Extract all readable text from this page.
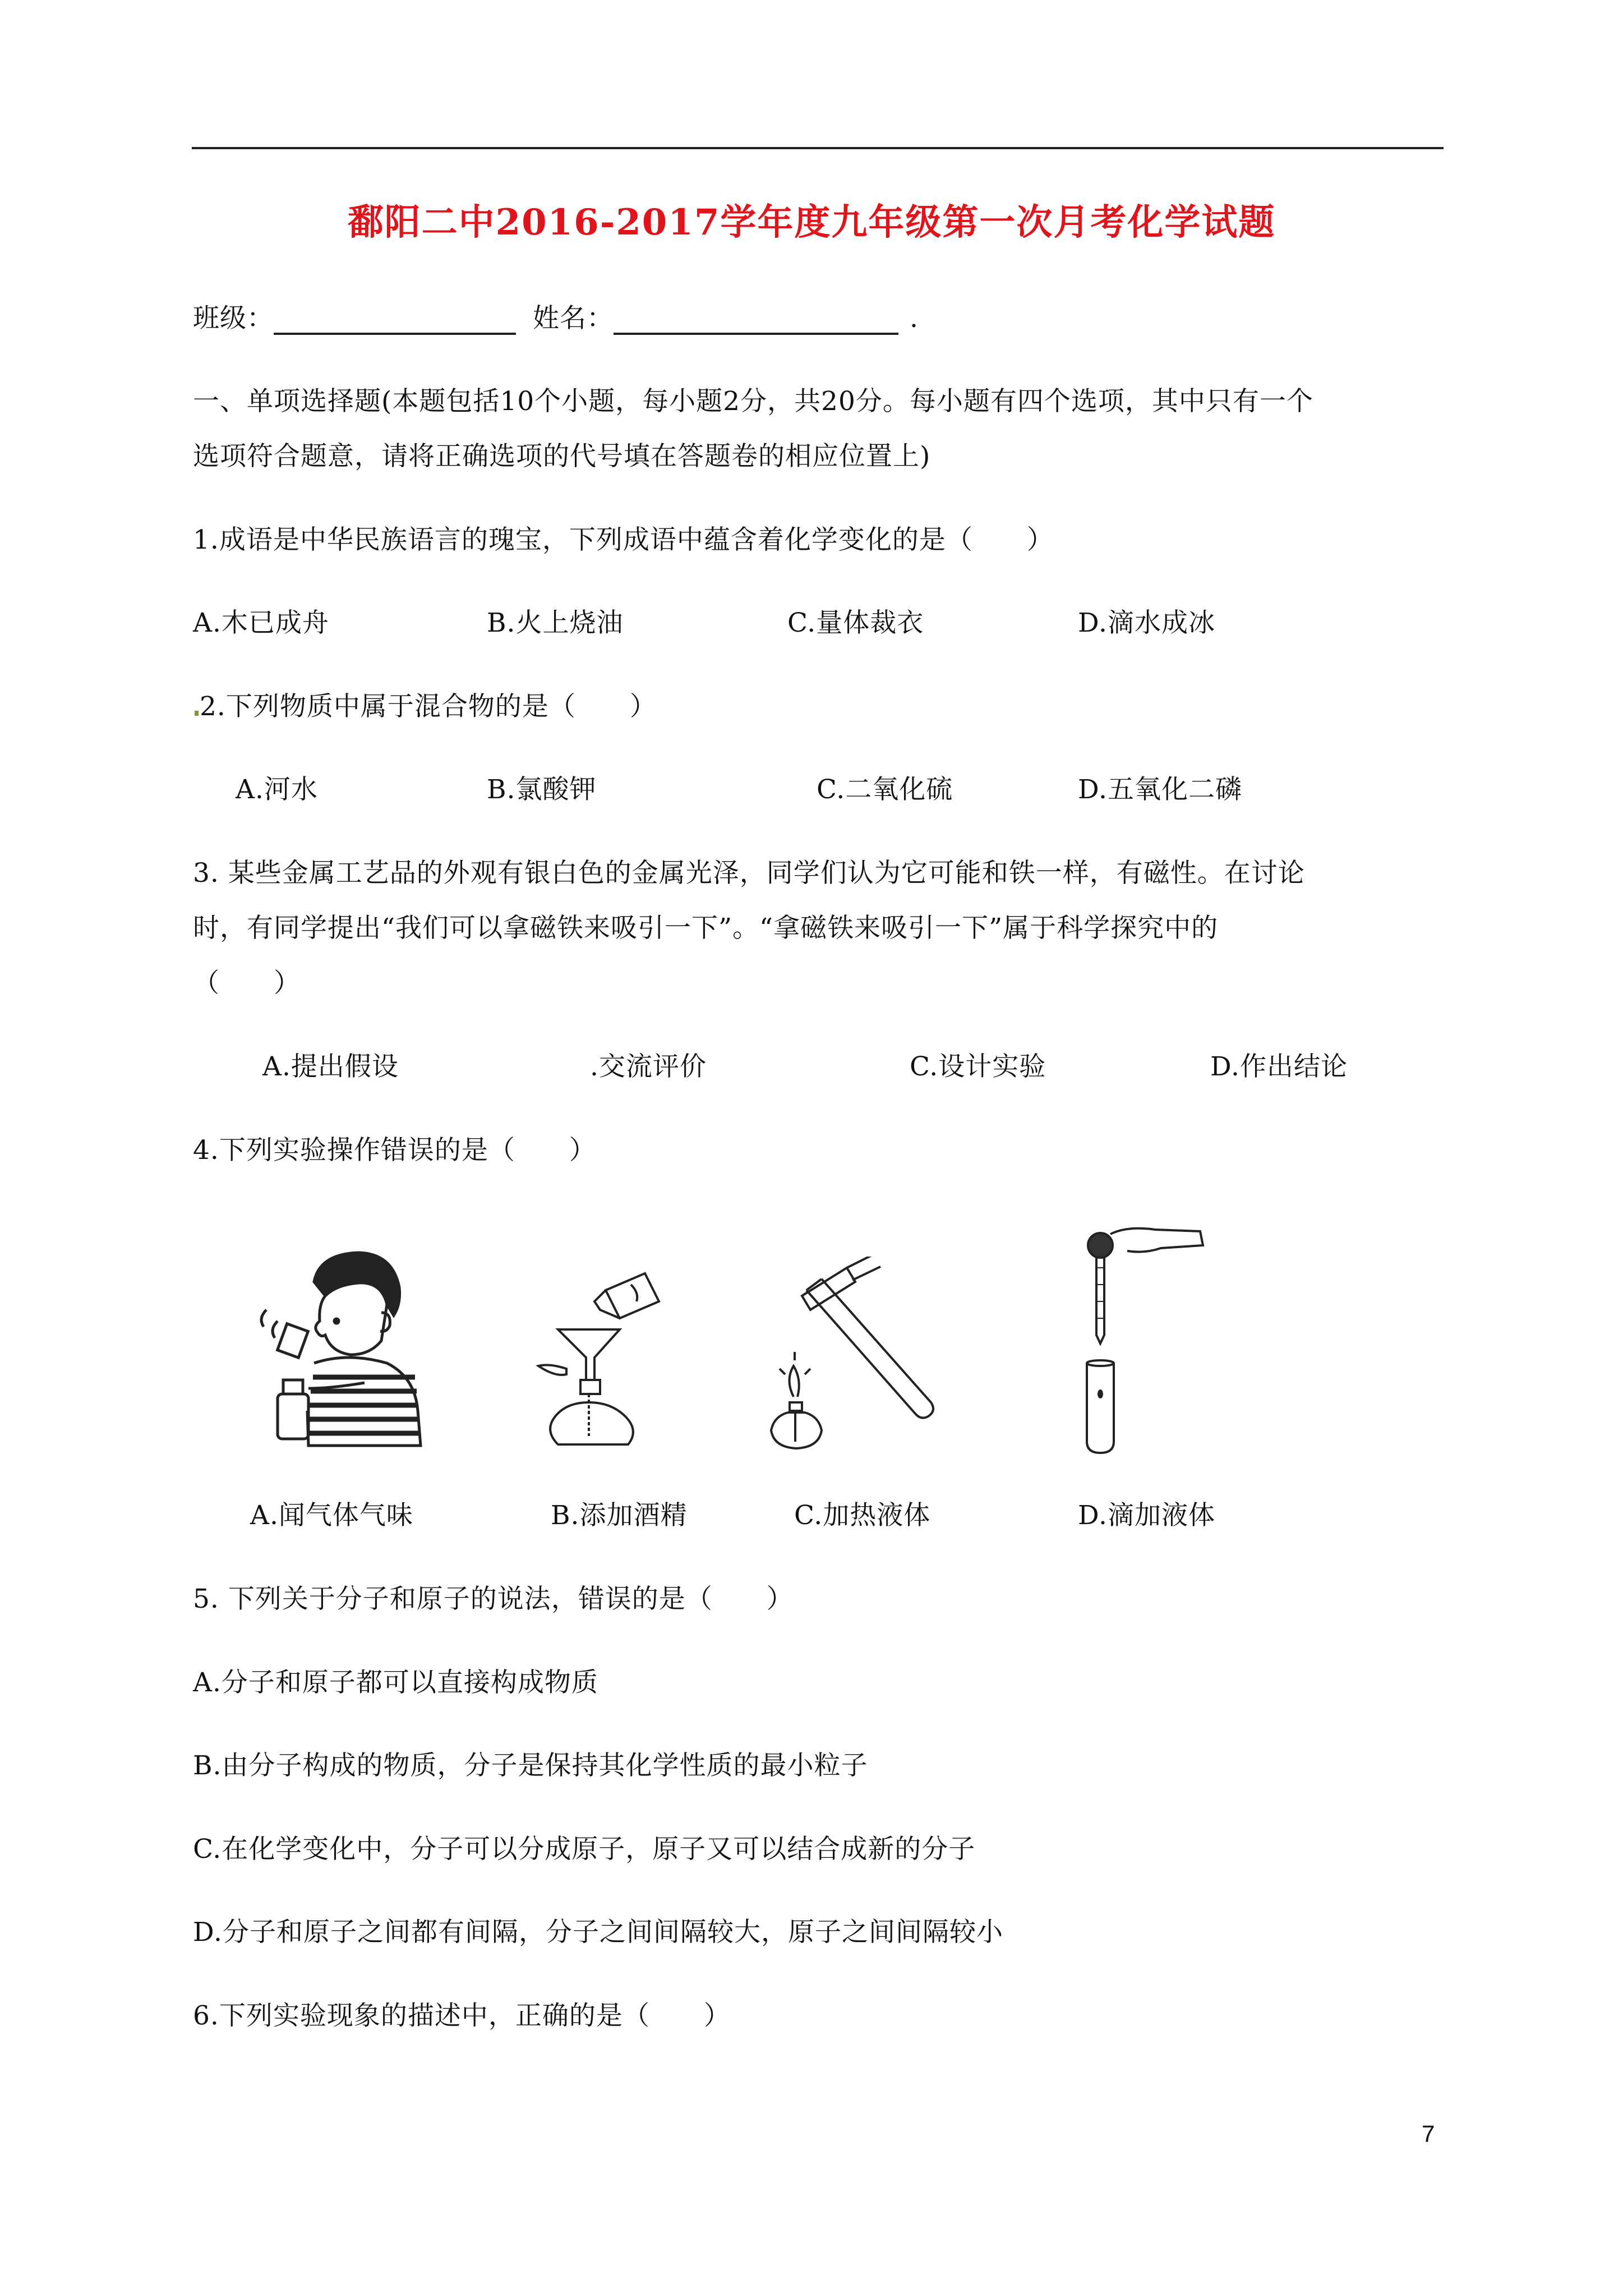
鄱阳二中2016-2017学年度九年级第一次月考化学试题
班级：	姓名：	.
一、单项选择题(本题包括10个小题，每小题2分，共20分。每小题有四个选项，其中只有一个
选项符合题意，请将正确选项的代号填在答题卷的相应位置上)
1.成语是中华民族语言的瑰宝，下列成语中蕴含着化学变化的是（　　）
A.木已成舟	B.火上烧油	C.量体裁衣	D.滴水成冰
2.下列物质中属于混合物的是（　　）
A.河水	B.氯酸钾	C.二氧化硫	D.五氧化二磷
3. 某些金属工艺品的外观有银白色的金属光泽，同学们认为它可能和铁一样，有磁性。在讨论
时，有同学提出“我们可以拿磁铁来吸引一下”。“拿磁铁来吸引一下”属于科学探究中的
（　　）
A.提出假设	.交流评价	C.设计实验	D.作出结论
4.下列实验操作错误的是（　　）
A.闻气体气味	B.添加酒精	C.加热液体	D.滴加液体
5. 下列关于分子和原子的说法，错误的是（　　）
A.分子和原子都可以直接构成物质
B.由分子构成的物质，分子是保持其化学性质的最小粒子
C.在化学变化中，分子可以分成原子，原子又可以结合成新的分子
D.分子和原子之间都有间隔，分子之间间隔较大，原子之间间隔较小
6.下列实验现象的描述中，正确的是（　　）
7
